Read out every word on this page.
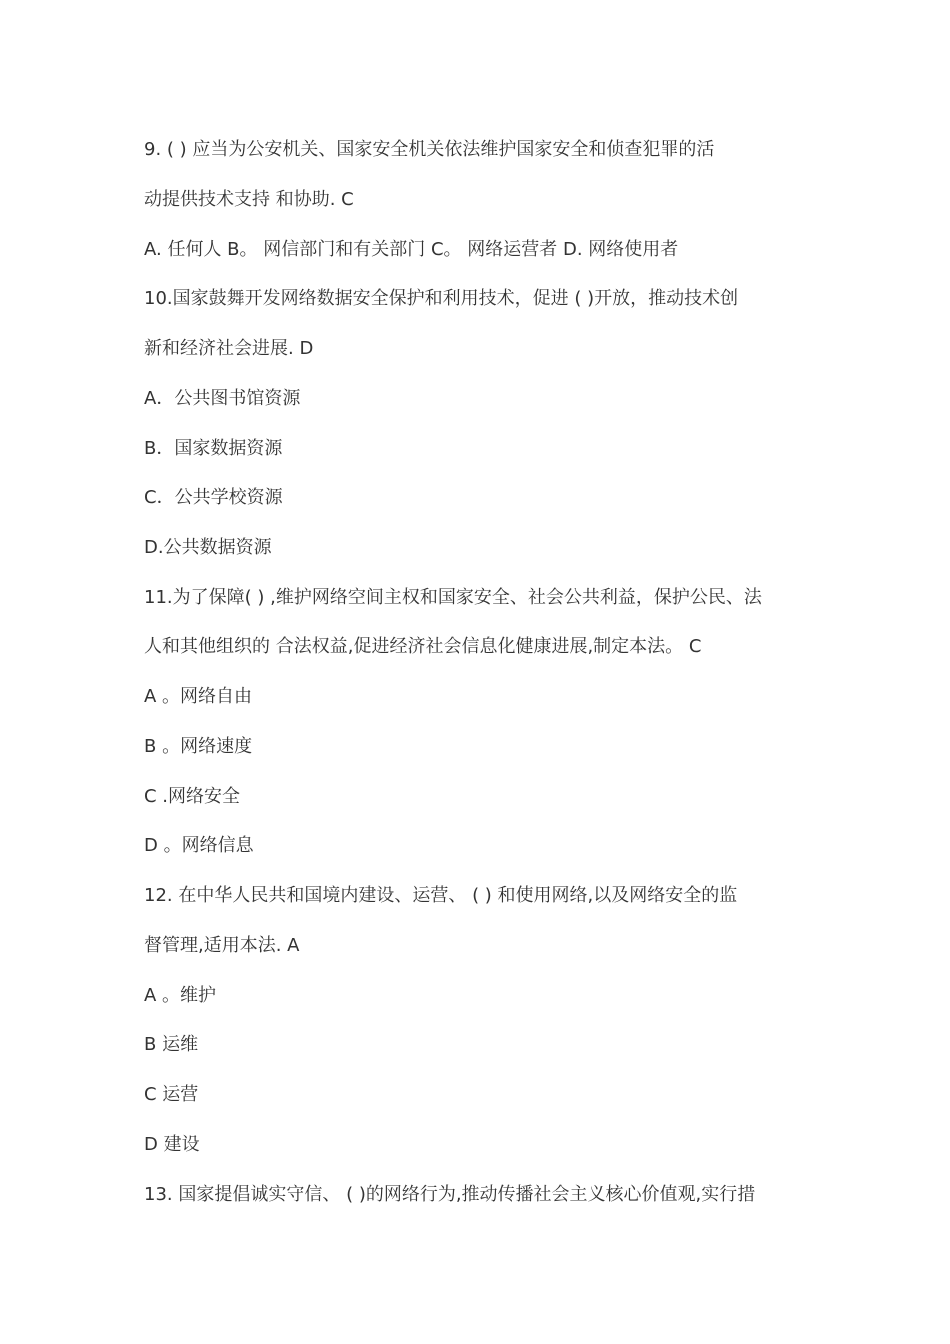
9. ( ) 应当为公安机关、国家安全机关依法维护国家安全和侦查犯罪的活
动提供技术支持 和协助. C
A. 任何人 B。 网信部门和有关部门 C。 网络运营者 D. 网络使用者
10.国家鼓舞开发网络数据安全保护和利用技术，促进 ( )开放，推动技术创
新和经济社会进展. D
A．公共图书馆资源
B．国家数据资源
C．公共学校资源
D.公共数据资源
11.为了保障( ) ,维护网络空间主权和国家安全、社会公共利益，保护公民、法
人和其他组织的 合法权益,促进经济社会信息化健康进展,制定本法。 C
A 。网络自由
B 。网络速度
C .网络安全
D 。网络信息
12. 在中华人民共和国境内建设、运营、 ( ) 和使用网络,以及网络安全的监
督管理,适用本法. A
A 。维护
B 运维
C 运营
D 建设
13. 国家提倡诚实守信、 ( )的网络行为,推动传播社会主义核心价值观,实行措
